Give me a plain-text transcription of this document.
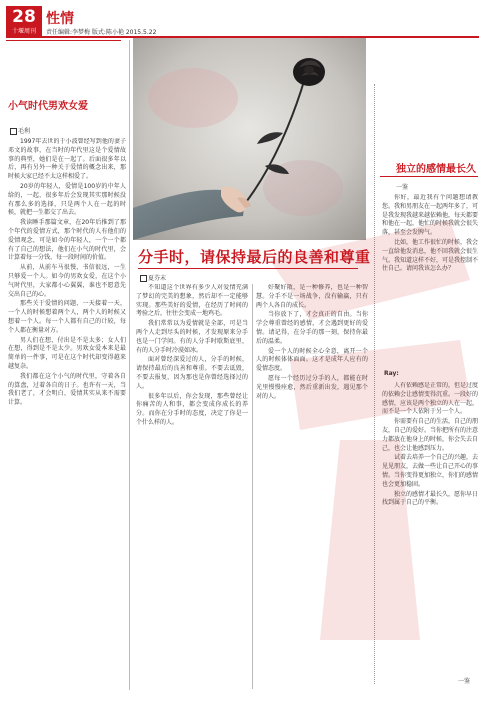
28
十堰周刊
性情
责任编辑:李梦梅 版式:陈小艳 2015.5.22
小气时代男欢女爱
毛利

1997年去世的于小波曾经写到他的妻子邓文的故事，在当时的年代里这是个爱情故事的典型，她们是在一起了。后面很多年以后，再有另外一种关于爱情的概念出来，那时候大家已经不太这样相爱了。

20岁的年轻人，爱情是100岁的中年人给的，一起，很多年后会发现其实那时候没有那么多的选择，只是两个人在一起的时候，就把一生都交了出去。

我读睡手那篇文章，在20年后推到了那个年代的爱情方式，那个时代的人有他们的爱情观念，可是如今的年轻人，一个一个都有了自己的想法，他们在小气的时代里，会计算着每一分钱、每一段时间的价值。

从前，从前车马很慢，书信很远，一生只够爱一个人。如今的男欢女爱，在这个小气时代里，大家都小心翼翼，谁也不愿意先交出自己的心。

那些关于爱情的问题，一天接着一天，一个人的时候想着两个人，两个人的时候又想着一个人。每一个人都有自己的计较，每个人都在衡量对方。

男人们在想，付出是不是太多；女人们在想，得到是不是太少。男欢女爱本来是最简单的一件事，可是在这个时代却变得越来越复杂。

我们都在这个小气的时代里，守着各自的算盘，过着各自的日子。也许有一天，当我们老了，才会明白，爱情其实从来不需要计算。

分手时，请保持最后的良善和尊重
夏芬末

不知道这个世界有多少人对爱情充满了梦幻的完美的想象，然后却不一定能够实现。那些美好的爱情，在经历了时间的考验之后，往往会变成一地鸡毛。

我们常常以为爱情就是全部，可是当两个人走到尽头的时候，才发现原来分手也是一门学问。有的人分手时歇斯底里，有的人分手时冷漠如冰。

面对曾经深爱过的人，分手的时候，请保持最后的良善和尊重。不要去诋毁，不要去报复，因为那也是你曾经选择过的人。

很多年以后，你会发现，那些曾经让你痛苦的人和事，都会变成你成长的养分。而你在分手时的态度，决定了你是一个什么样的人。

好聚好散，是一种修养，也是一种智慧。分手不是一场战争，没有输赢，只有两个人各自的成长。

当你放下了，才会真正的自由。当你学会尊重曾经的感情，才会遇到更好的爱情。请记得，在分手的那一刻，保持你最后的温柔。

爱一个人的时候全心全意，离开一个人的时候体体面面。这才是成年人应有的爱情态度。

愿每一个经历过分手的人，都能在时光里慢慢痊愈，然后重新出发，遇见那个对的人。

独立的感情最长久
一鉴

你好，最近我有个问题想请教您。我和男朋友在一起两年多了，可是我发现我越来越依赖他，每天都要和他在一起，他忙的时候我就会很失落，甚至会发脾气。

比如，他工作很忙的时候，我会一直给他发消息，他不回我就会很生气。我知道这样不好，可是我控制不住自己。请问我该怎么办？

Ray:

人有依赖感是正常的，但是过度的依赖会让感情变得沉重。一段好的感情，应该是两个独立的人在一起，而不是一个人依附于另一个人。

你需要有自己的生活，自己的朋友，自己的爱好。当你把所有的注意力都放在他身上的时候，你会失去自己，也会让他感到压力。

试着去培养一个自己的兴趣，去见见朋友，去做一些让自己开心的事情。当你变得更加独立，你们的感情也会更加稳固。

独立的感情才最长久，愿你早日找到属于自己的平衡。

一鉴
